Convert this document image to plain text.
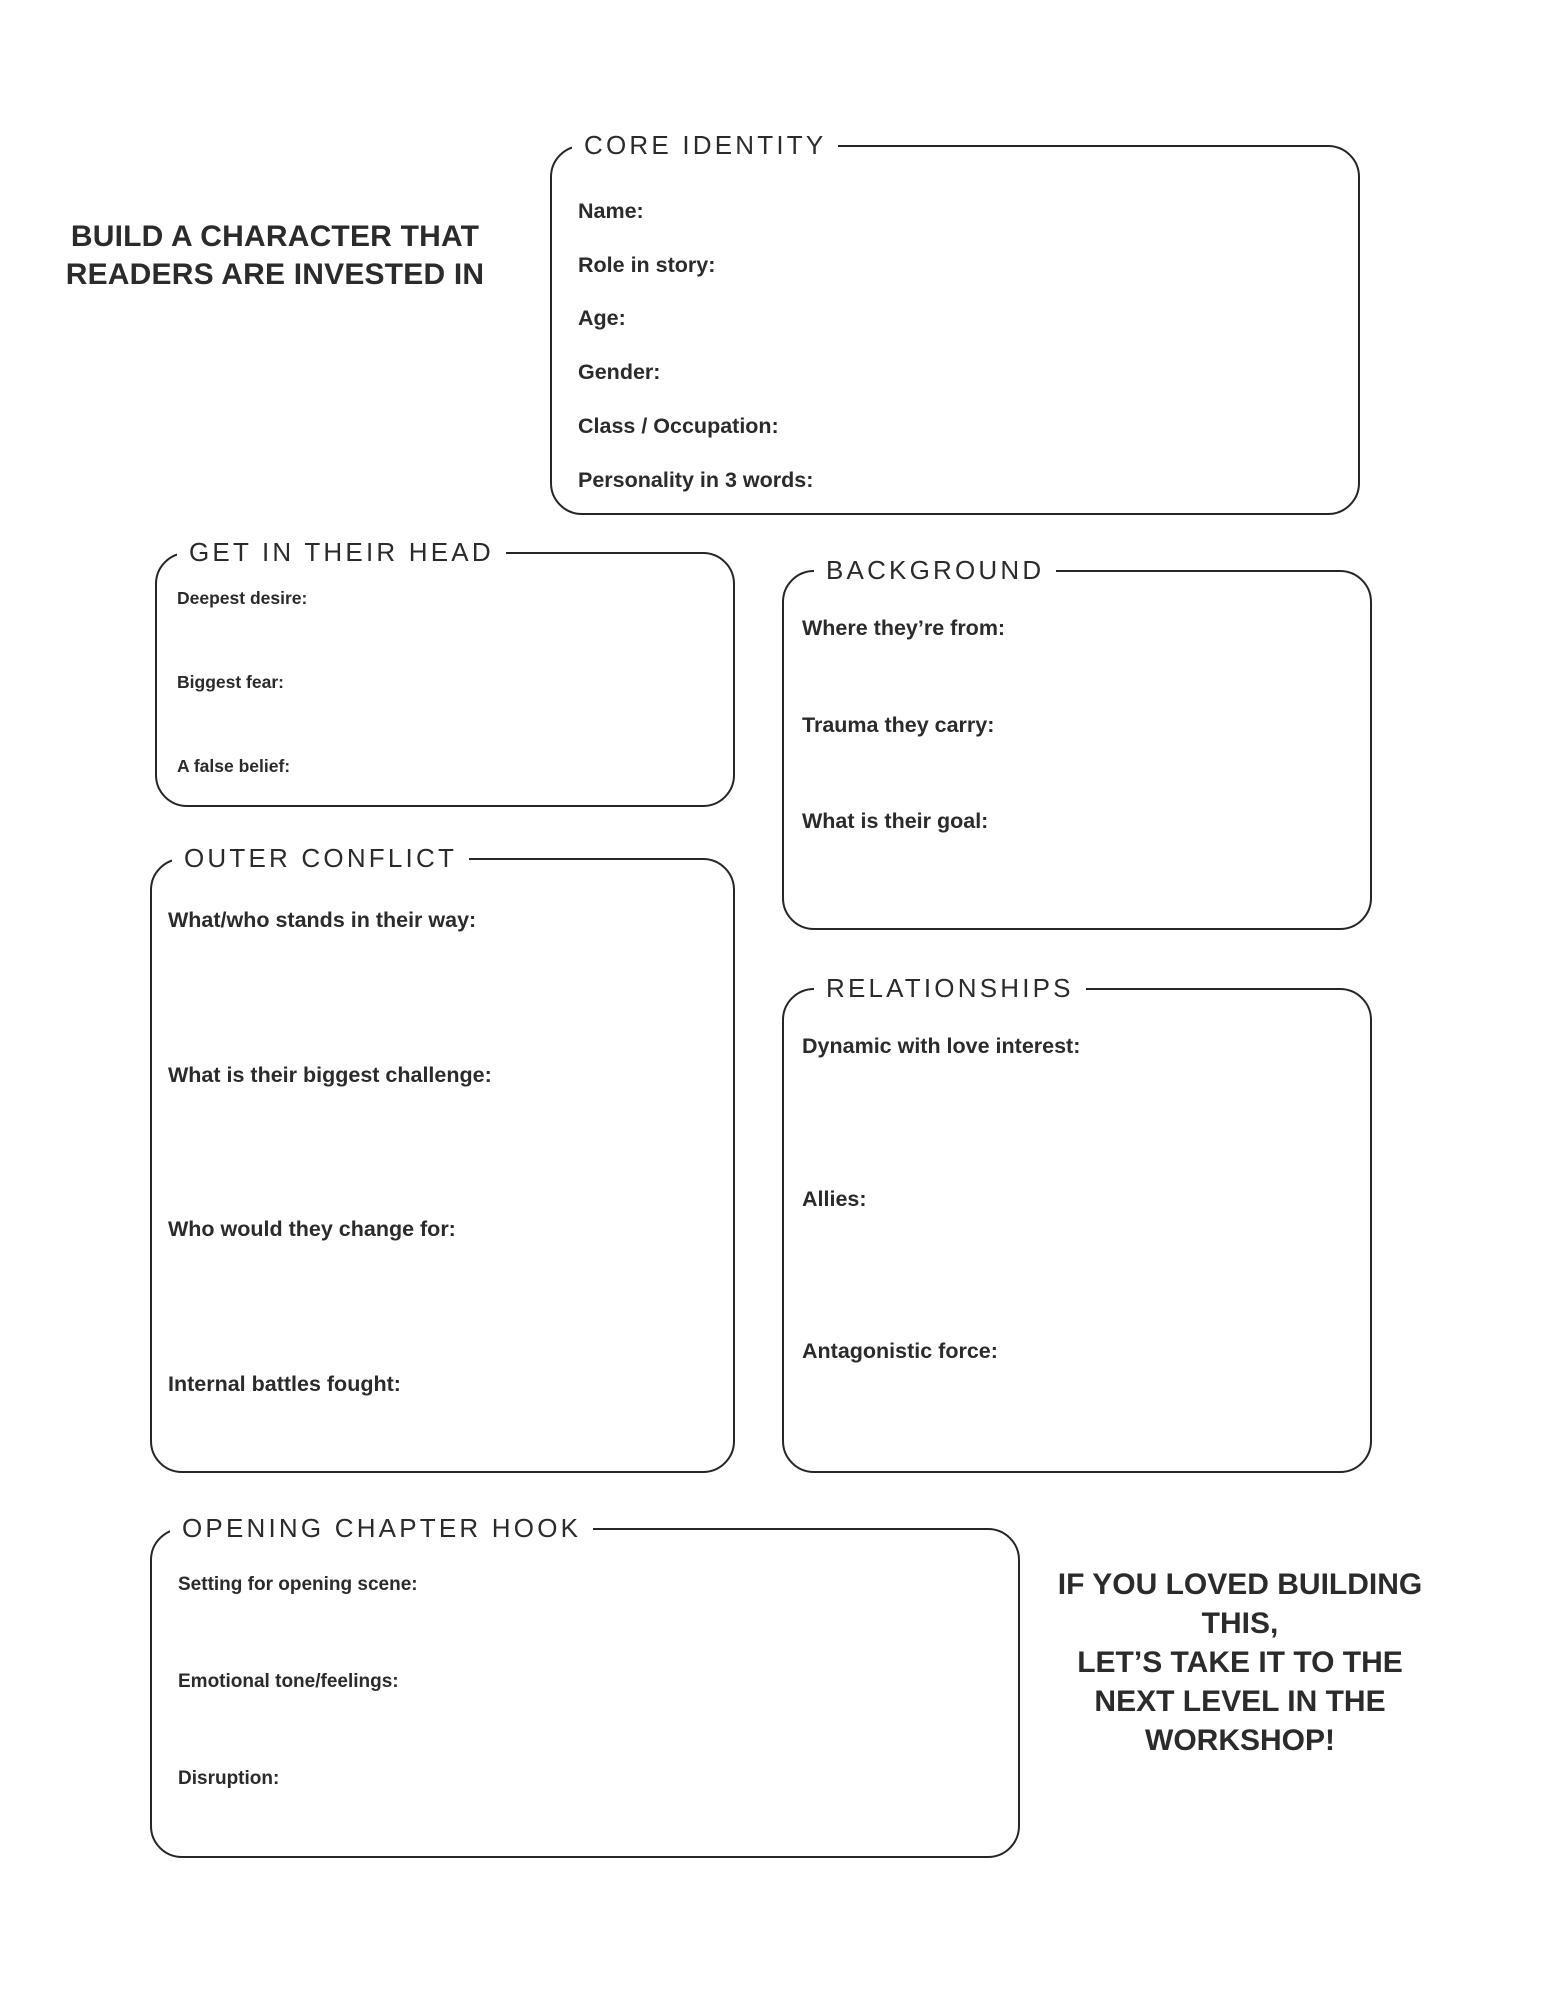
BUILD A CHARACTER THAT READERS ARE INVESTED IN
CORE IDENTITY
Name:
Role in story:
Age:
Gender:
Class / Occupation:
Personality in 3 words:
GET IN THEIR HEAD
Deepest desire:
Biggest fear:
A false belief:
BACKGROUND
Where they’re from:
Trauma they carry:
What is their goal:
OUTER CONFLICT
What/who stands in their way:
What is their biggest challenge:
Who would they change for:
Internal battles fought:
RELATIONSHIPS
Dynamic with love interest:
Allies:
Antagonistic force:
OPENING CHAPTER HOOK
Setting for opening scene:
Emotional tone/feelings:
Disruption:
IF YOU LOVED BUILDING
THIS,
LET’S TAKE IT TO THE
NEXT LEVEL IN THE
WORKSHOP!
